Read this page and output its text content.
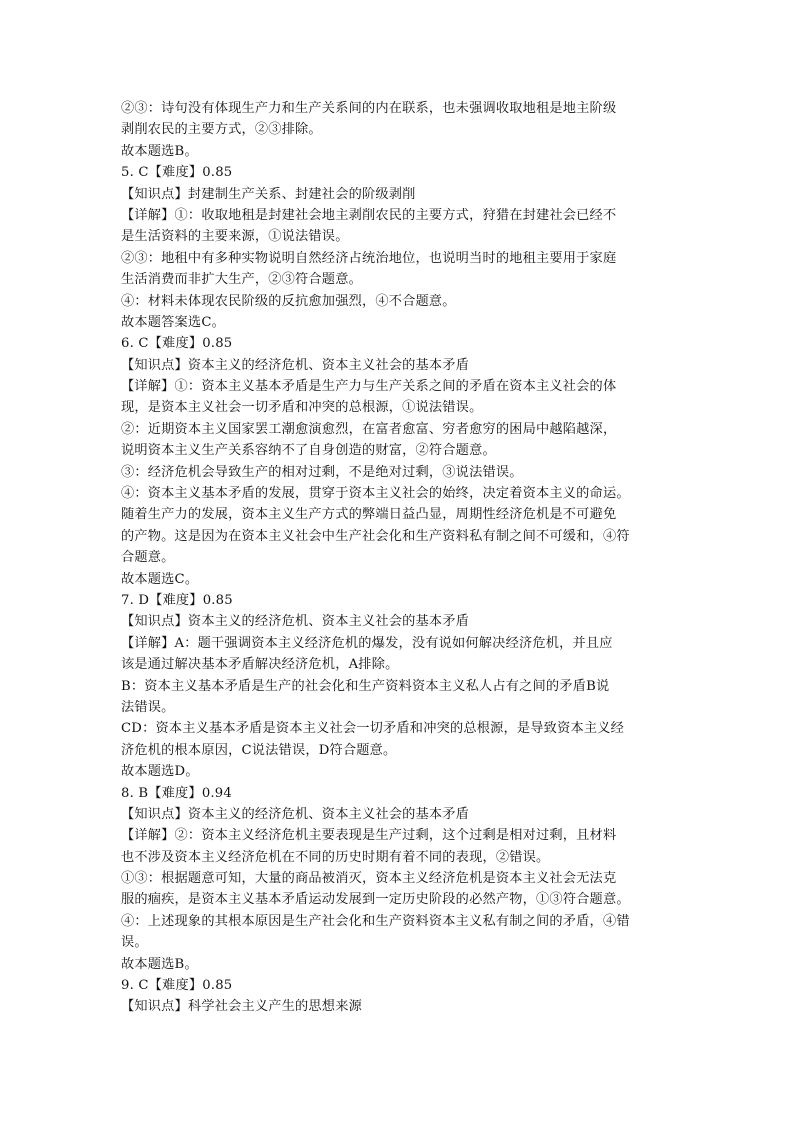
②③：诗句没有体现生产力和生产关系间的内在联系，也未强调收取地租是地主阶级
剥削农民的主要方式，②③排除。
故本题选B。
5. C【难度】0.85
【知识点】封建制生产关系、封建社会的阶级剥削
【详解】①：收取地租是封建社会地主剥削农民的主要方式，狩猎在封建社会已经不
是生活资料的主要来源，①说法错误。
②③：地租中有多种实物说明自然经济占统治地位，也说明当时的地租主要用于家庭
生活消费而非扩大生产，②③符合题意。
④：材料未体现农民阶级的反抗愈加强烈，④不合题意。
故本题答案选C。
6. C【难度】0.85
【知识点】资本主义的经济危机、资本主义社会的基本矛盾
【详解】①：资本主义基本矛盾是生产力与生产关系之间的矛盾在资本主义社会的体
现，是资本主义社会一切矛盾和冲突的总根源，①说法错误。
②：近期资本主义国家罢工潮愈演愈烈，在富者愈富、穷者愈穷的困局中越陷越深，
说明资本主义生产关系容纳不了自身创造的财富，②符合题意。
③：经济危机会导致生产的相对过剩，不是绝对过剩，③说法错误。
④：资本主义基本矛盾的发展，贯穿于资本主义社会的始终，决定着资本主义的命运。
随着生产力的发展，资本主义生产方式的弊端日益凸显，周期性经济危机是不可避免
的产物。这是因为在资本主义社会中生产社会化和生产资料私有制之间不可缓和，④符
合题意。
故本题选C。
7. D【难度】0.85
【知识点】资本主义的经济危机、资本主义社会的基本矛盾
【详解】A：题干强调资本主义经济危机的爆发，没有说如何解决经济危机，并且应
该是通过解决基本矛盾解决经济危机，A排除。
B：资本主义基本矛盾是生产的社会化和生产资料资本主义私人占有之间的矛盾B说
法错误。
CD：资本主义基本矛盾是资本主义社会一切矛盾和冲突的总根源，是导致资本主义经
济危机的根本原因，C说法错误，D符合题意。
故本题选D。
8. B【难度】0.94
【知识点】资本主义的经济危机、资本主义社会的基本矛盾
【详解】②：资本主义经济危机主要表现是生产过剩，这个过剩是相对过剩，且材料
也不涉及资本主义经济危机在不同的历史时期有着不同的表现，②错误。
①③：根据题意可知，大量的商品被消灭，资本主义经济危机是资本主义社会无法克
服的痼疾，是资本主义基本矛盾运动发展到一定历史阶段的必然产物，①③符合题意。
④：上述现象的其根本原因是生产社会化和生产资料资本主义私有制之间的矛盾，④错
误。
故本题选B。
9. C【难度】0.85
【知识点】科学社会主义产生的思想来源
